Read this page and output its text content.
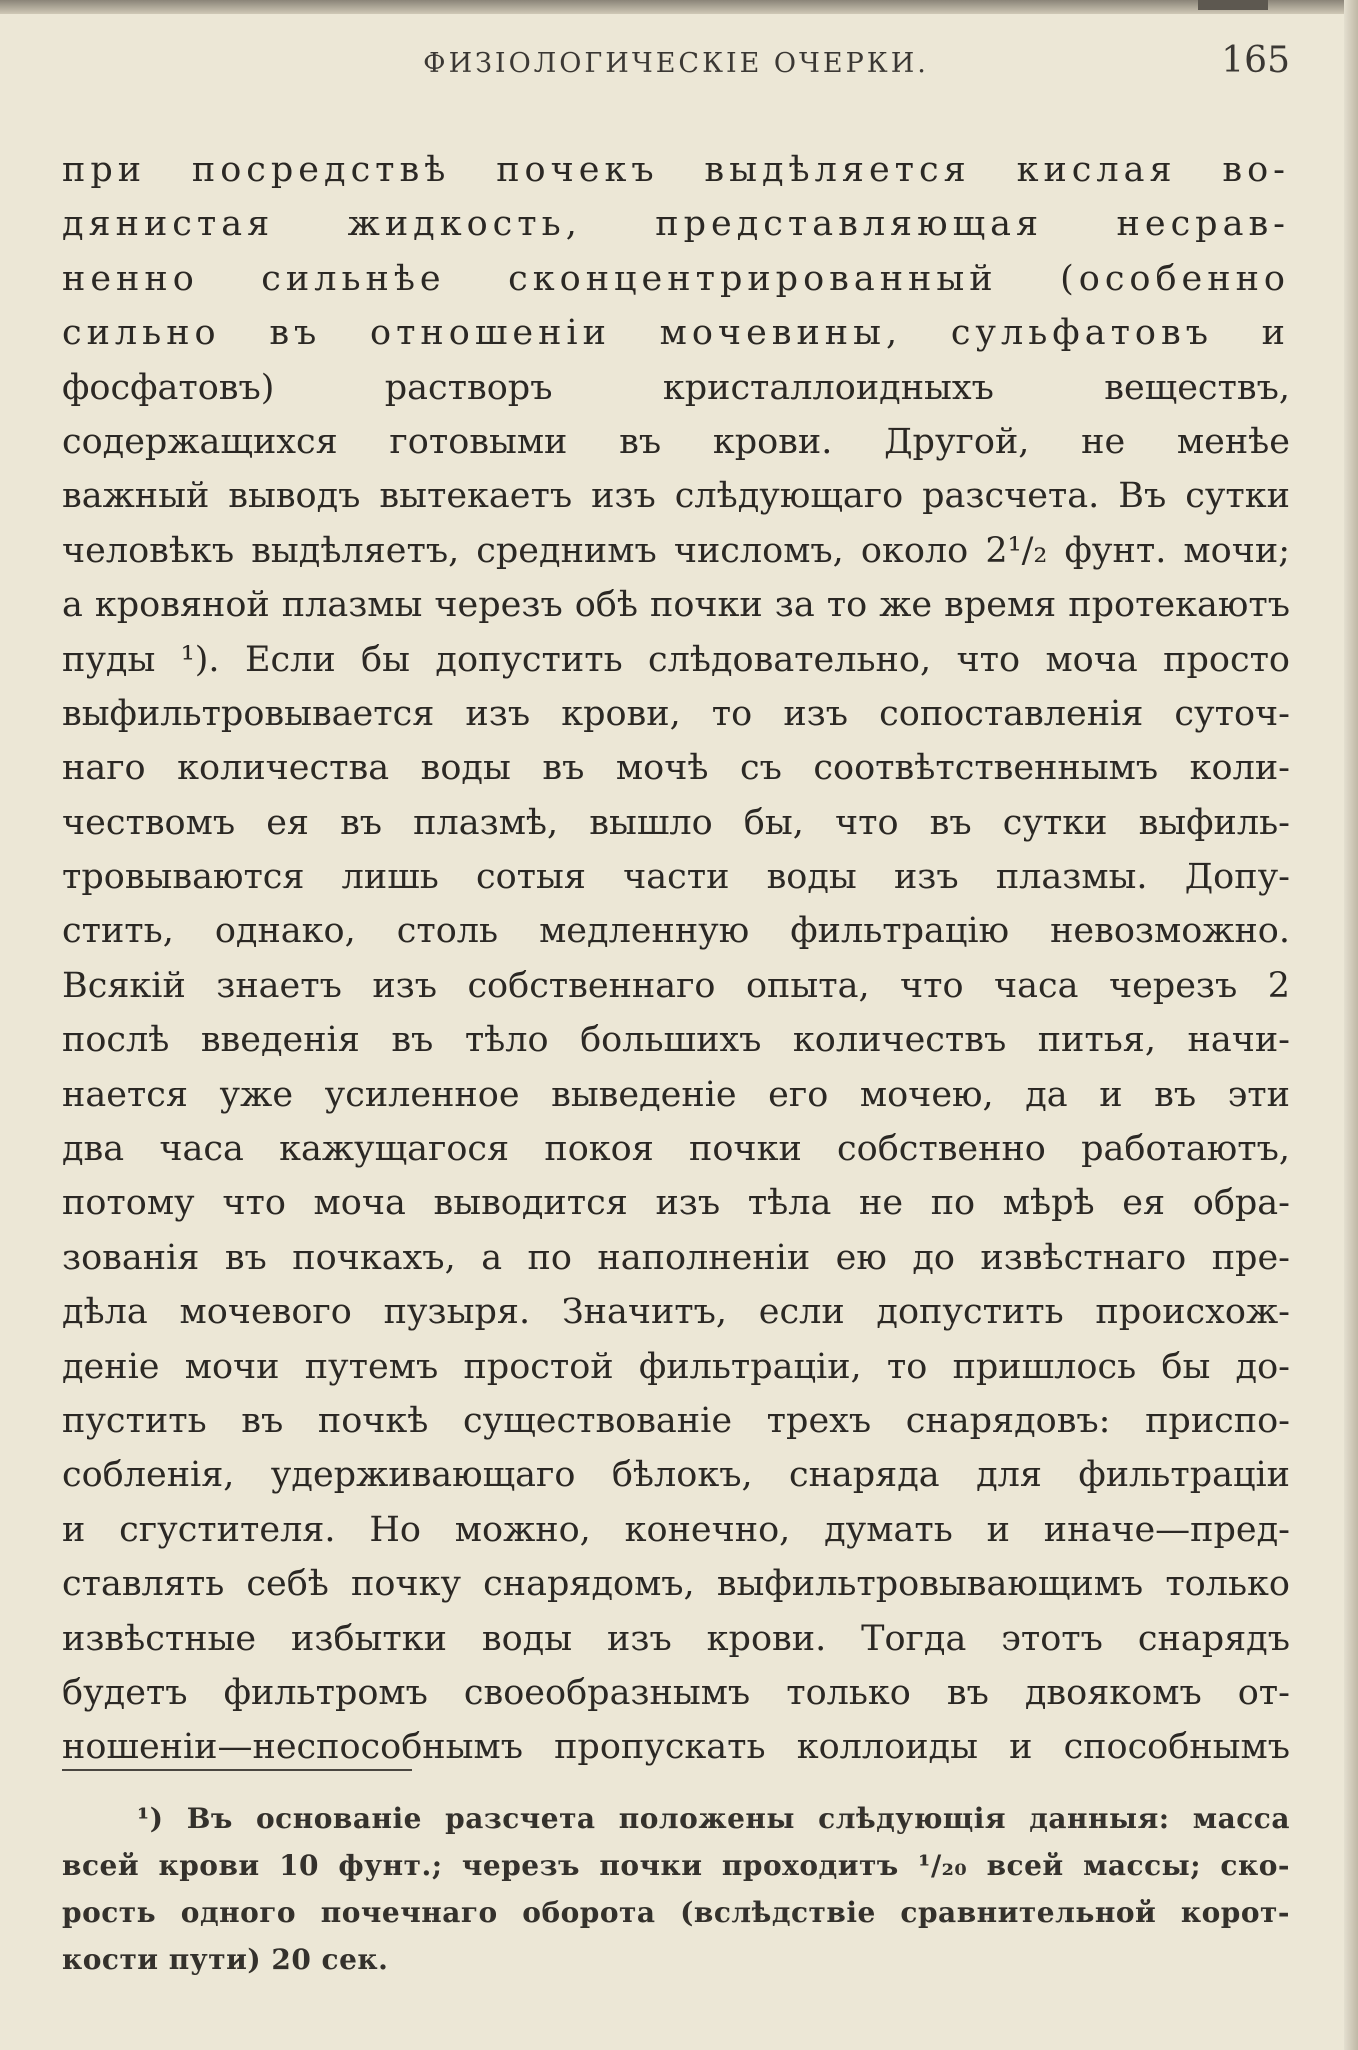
ФИЗІОЛОГИЧЕСКІЕ ОЧЕРКИ.	165
при посредствѣ почекъ выдѣляется кислая во-
дянистая жидкость, представляющая несрав-
ненно сильнѣе сконцентрированный (особенно
сильно въ отношеніи мочевины, сульфатовъ и
фосфатовъ) растворъ кристаллоидныхъ веществъ,
содержащихся готовыми въ крови. Другой, не менѣе
важный выводъ вытекаетъ изъ слѣдующаго разсчета. Въ сутки
человѣкъ выдѣляетъ, среднимъ числомъ, около 2¹/₂ фунт. мочи;
а кровяной плазмы черезъ обѣ почки за то же время протекаютъ
пуды ¹). Если бы допустить слѣдовательно, что моча просто
выфильтровывается изъ крови, то изъ сопоставленія суточ-
наго количества воды въ мочѣ съ соотвѣтственнымъ коли-
чествомъ ея въ плазмѣ, вышло бы, что въ сутки выфиль-
тровываются лишь сотыя части воды изъ плазмы. Допу-
стить, однако, столь медленную фильтрацію невозможно.
Всякій знаетъ изъ собственнаго опыта, что часа черезъ 2
послѣ введенія въ тѣло большихъ количествъ питья, начи-
нается уже усиленное выведеніе его мочею, да и въ эти
два часа кажущагося покоя почки собственно работаютъ,
потому что моча выводится изъ тѣла не по мѣрѣ ея обра-
зованія въ почкахъ, а по наполненіи ею до извѣстнаго пре-
дѣла мочевого пузыря. Значитъ, если допустить происхож-
деніе мочи путемъ простой фильтраціи, то пришлось бы до-
пустить въ почкѣ существованіе трехъ снарядовъ: приспо-
собленія, удерживающаго бѣлокъ, снаряда для фильтраціи
и сгустителя. Но можно, конечно, думать и иначе—пред-
ставлять себѣ почку снарядомъ, выфильтровывающимъ только
извѣстные избытки воды изъ крови. Тогда этотъ снарядъ
будетъ фильтромъ своеобразнымъ только въ двоякомъ от-
ношеніи—неспособнымъ пропускать коллоиды и способнымъ
¹) Въ основаніе разсчета положены слѣдующія данныя: масса
всей крови 10 фунт.; черезъ почки проходитъ ¹/₂₀ всей массы; ско-
рость одного почечнаго оборота (вслѣдствіе сравнительной корот-
кости пути) 20 сек.
